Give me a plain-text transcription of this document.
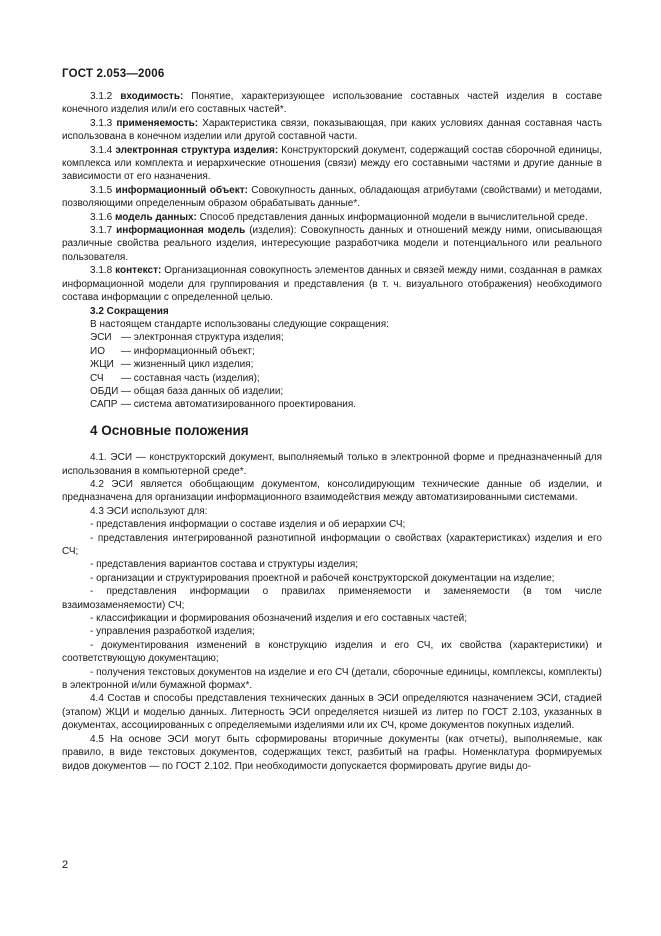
ГОСТ 2.053—2006

3.1.2 входимость: Понятие, характеризующее использование составных частей изделия в составе конечного изделия или/и его составных частей*.

3.1.3 применяемость: Характеристика связи, показывающая, при каких условиях данная составная часть использована в конечном изделии или другой составной части.

3.1.4 электронная структура изделия: Конструкторский документ, содержащий состав сборочной единицы, комплекса или комплекта и иерархические отношения (связи) между его составными частями и другие данные в зависимости от его назначения.

3.1.5 информационный объект: Совокупность данных, обладающая атрибутами (свойствами) и методами, позволяющими определенным образом обрабатывать данные*.

3.1.6 модель данных: Способ представления данных информационной модели в вычислительной среде.

3.1.7 информационная модель (изделия): Совокупность данных и отношений между ними, описывающая различные свойства реального изделия, интересующие разработчика модели и потенциального или реального пользователя.

3.1.8 контекст: Организационная совокупность элементов данных и связей между ними, созданная в рамках информационной модели для группирования и представления (в т. ч. визуального отображения) необходимого состава информации с определенной целью.

3.2 Сокращения

В настоящем стандарте использованы следующие сокращения:

ЭСИ — электронная структура изделия;
ИО	— информационный объект;
ЖЦИ — жизненный цикл изделия;
СЧ	— составная часть (изделия);
ОБДИ — общая база данных об изделии;
САПР — система автоматизированного проектирования.

4 Основные положения

4.1. ЭСИ — конструкторский документ, выполняемый только в электронной форме и предназначенный для использования в компьютерной среде*.

4.2 ЭСИ является обобщающим документом, консолидирующим технические данные об изделии, и предназначена для организации информационного взаимодействия между автоматизированными системами.

4.3 ЭСИ используют для:

- представления информации о составе изделия и об иерархии СЧ;

- представления интегрированной разнотипной информации о свойствах (характеристиках) изделия и его СЧ;

- представления вариантов состава и структуры изделия;

- организации и структурирования проектной и рабочей конструкторской документации на изделие;

- представления информации о правилах применяемости и заменяемости (в том числе взаимозаменяемости) СЧ;

- классификации и формирования обозначений изделия и его составных частей;

- управления разработкой изделия;

- документирования изменений в конструкцию изделия и его СЧ, их свойства (характеристики) и соответствующую документацию;

- получения текстовых документов на изделие и его СЧ (детали, сборочные единицы, комплексы, комплекты) в электронной и/или бумажной формах*.

4.4 Состав и способы представления технических данных в ЭСИ определяются назначением ЭСИ, стадией (этапом) ЖЦИ и моделью данных. Литерность ЭСИ определяется низшей из литер по ГОСТ 2.103, указанных в документах, ассоциированных с определяемыми изделиями или их СЧ, кроме документов покупных изделий.

4.5 На основе ЭСИ могут быть сформированы вторичные документы (как отчеты), выполняемые, как правило, в виде текстовых документов, содержащих текст, разбитый на графы. Номенклатура формируемых видов документов — по ГОСТ 2.102. При необходимости допускается формировать другие виды до-

2
